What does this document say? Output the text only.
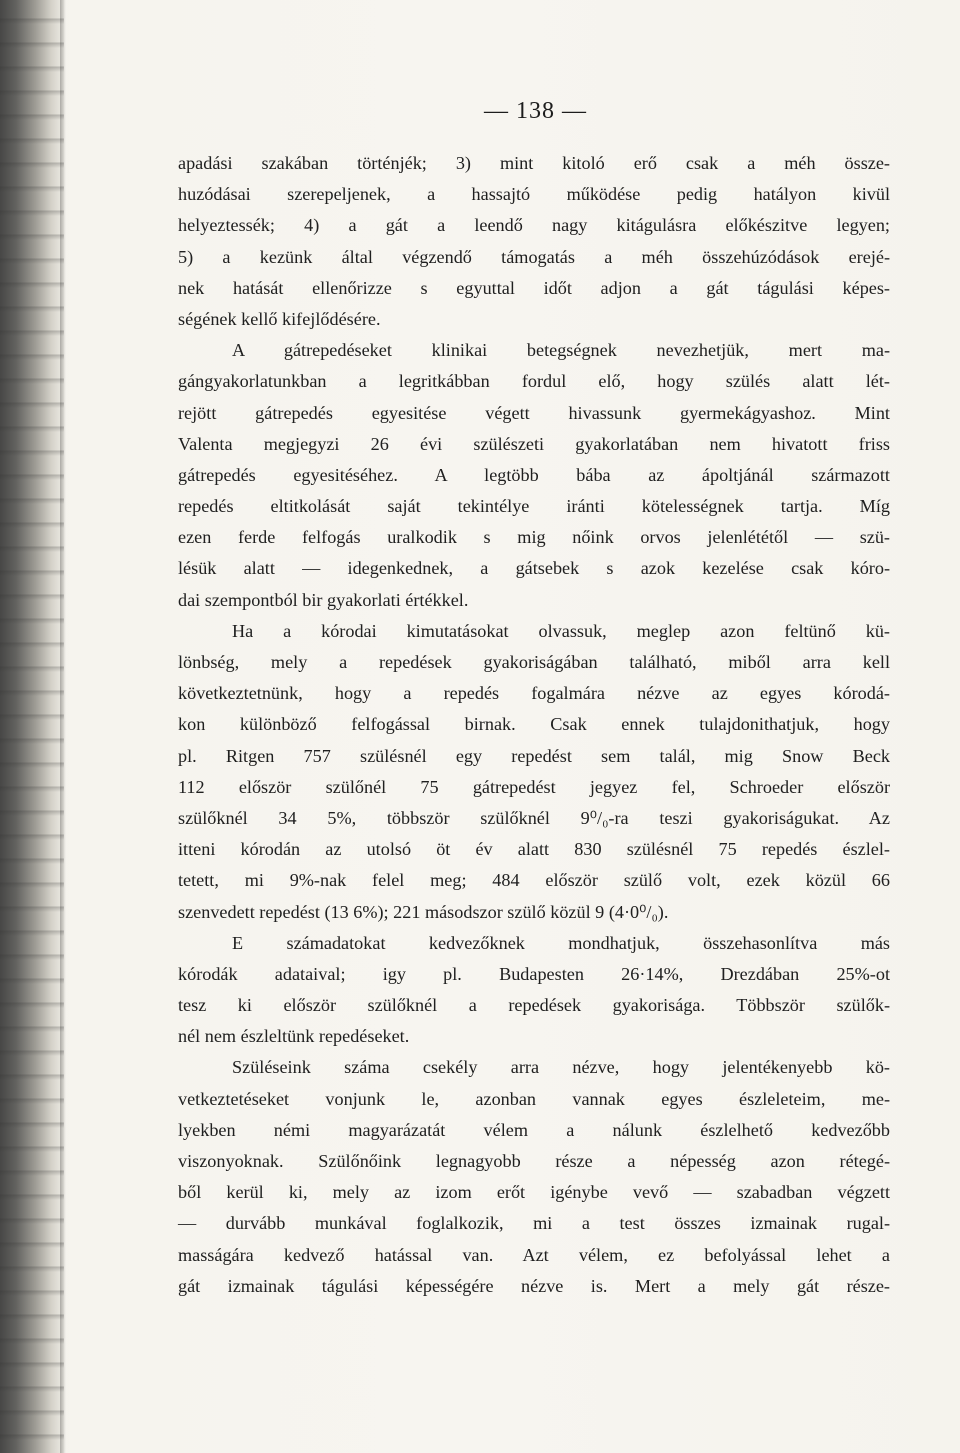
— 138 —
apadási szakában történjék; 3) mint kitoló erő csak a méh össze-
huzódásai szerepeljenek, a hassajtó működése pedig hatályon kivül
helyeztessék; 4) a gát a leendő nagy kitágulásra előkészitve legyen;
5) a kezünk által végzendő támogatás a méh összehúzódások erejé-
nek hatását ellenőrizze s egyuttal időt adjon a gát tágulási képes-
ségének kellő kifejlődésére.
A gátrepedéseket klinikai betegségnek nevezhetjük, mert ma-
gángyakorlatunkban a legritkábban fordul elő, hogy szülés alatt lét-
rejött gátrepedés egyesitése végett hivassunk gyermekágyashoz. Mint
Valenta megjegyzi 26 évi szülészeti gyakorlatában nem hivatott friss
gátrepedés egyesitéséhez. A legtöbb bába az ápoltjánál származott
repedés eltitkolását saját tekintélye iránti kötelességnek tartja. Míg
ezen ferde felfogás uralkodik s mig nőink orvos jelenlététől — szü-
lésük alatt — idegenkednek, a gátsebek s azok kezelése csak kóro-
dai szempontból bir gyakorlati értékkel.
Ha a kórodai kimutatásokat olvassuk, meglep azon feltünő kü-
lönbség, mely a repedések gyakoriságában található, miből arra kell
következtetnünk, hogy a repedés fogalmára nézve az egyes kórodá-
kon különböző felfogással birnak. Csak ennek tulajdonithatjuk, hogy
pl. Ritgen 757 szülésnél egy repedést sem talál, mig Snow Beck
112 először szülőnél 75 gátrepedést jegyez fel, Schroeder először
szülőknél 34 5%, többször szülőknél 9⁰/₀-ra teszi gyakoriságukat. Az
itteni kórodán az utolsó öt év alatt 830 szülésnél 75 repedés észlel-
tetett, mi 9%-nak felel meg; 484 először szülő volt, ezek közül 66
szenvedett repedést (13 6%); 221 másodszor szülő közül 9 (4·0⁰/₀).
E számadatokat kedvezőknek mondhatjuk, összehasonlítva más
kórodák adataival; igy pl. Budapesten 26·14%, Drezdában 25%-ot
tesz ki először szülőknél a repedések gyakorisága. Többször szülők-
nél nem észleltünk repedéseket.
Szüléseink száma csekély arra nézve, hogy jelentékenyebb kö-
vetkeztetéseket vonjunk le, azonban vannak egyes észleleteim, me-
lyekben némi magyarázatát vélem a nálunk észlelhető kedvezőbb
viszonyoknak. Szülőnőink legnagyobb része a népesség azon rétegé-
ből kerül ki, mely az izom erőt igénybe vevő — szabadban végzett
— durvább munkával foglalkozik, mi a test összes izmainak rugal-
masságára kedvező hatással van. Azt vélem, ez befolyással lehet a
gát izmainak tágulási képességére nézve is. Mert a mely gát része-
